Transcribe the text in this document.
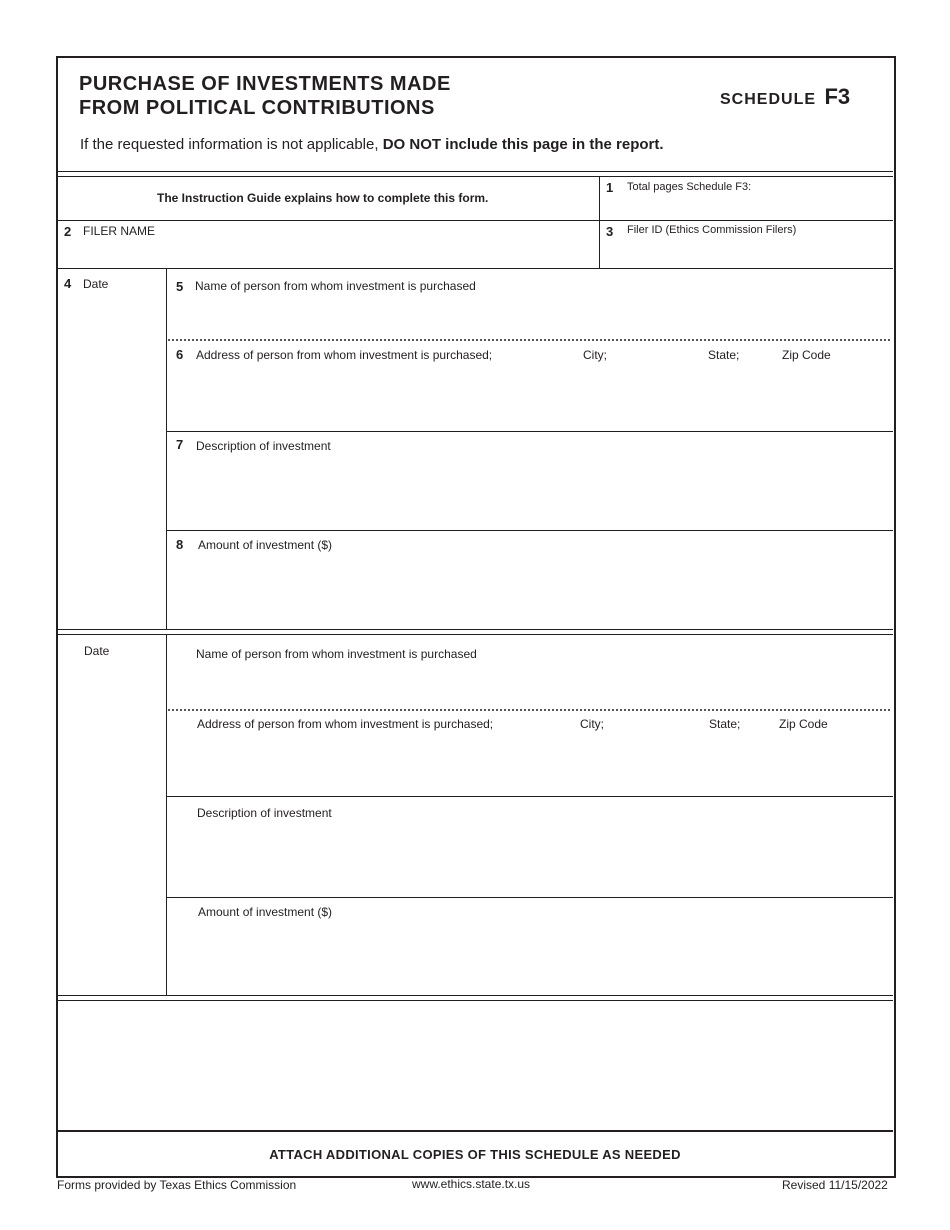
PURCHASE OF INVESTMENTS MADE
FROM POLITICAL CONTRIBUTIONS	SCHEDULE F3
If the requested information is not applicable, DO NOT include this page in the report.
The Instruction Guide explains how to complete this form.
1 Total pages Schedule F3:
2 FILER NAME	3 Filer ID (Ethics Commission Filers)
4 Date	5 Name of person from whom investment is purchased
6 Address of person from whom investment is purchased;	City;	State;	Zip Code
7 Description of investment
8 Amount of investment ($)
Date	Name of person from whom investment is purchased
Address of person from whom investment is purchased;	City;	State;	Zip Code
Description of investment
Amount of investment ($)
ATTACH ADDITIONAL COPIES OF THIS SCHEDULE AS NEEDED
Forms provided by Texas Ethics Commission	www.ethics.state.tx.us	Revised 11/15/2022
